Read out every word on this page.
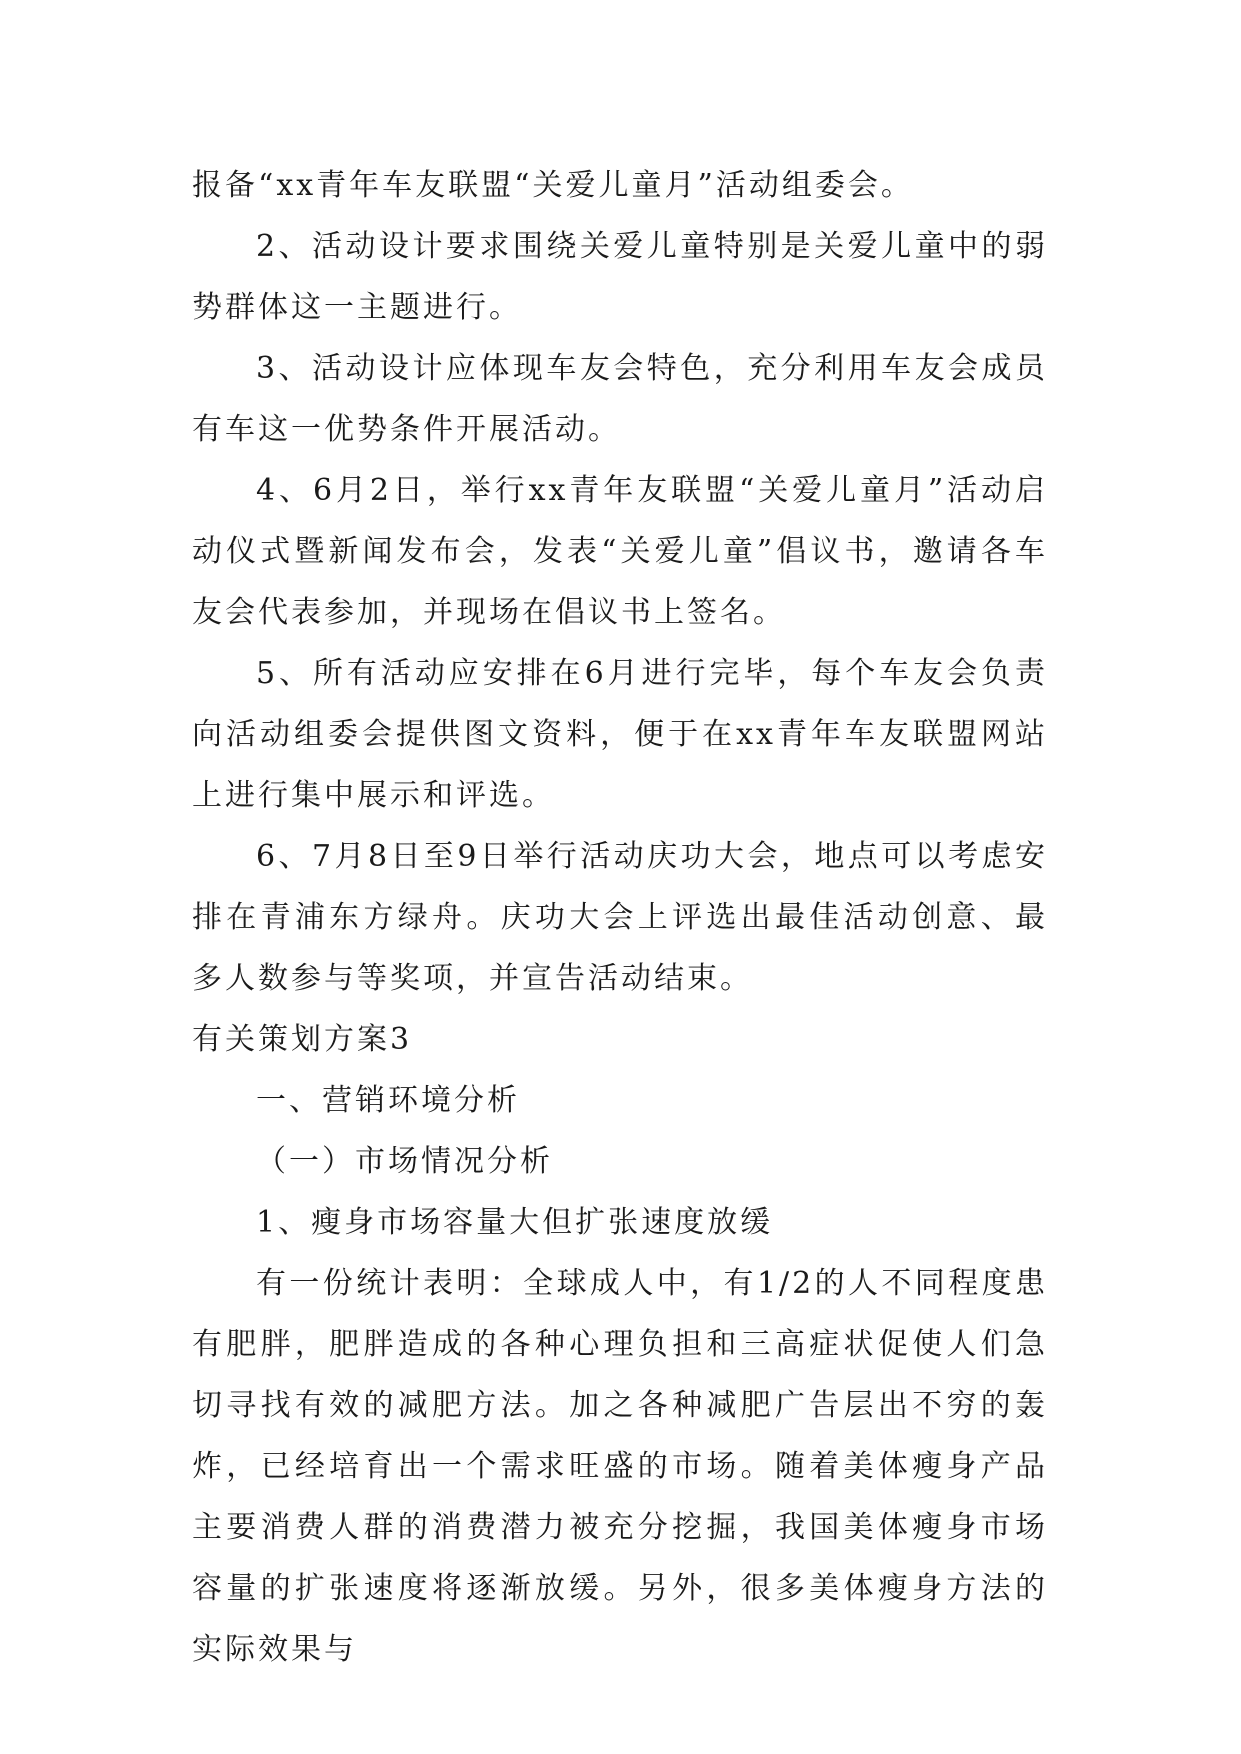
报备“xx青年车友联盟“关爱儿童月”活动组委会。

2、活动设计要求围绕关爱儿童特别是关爱儿童中的弱势群体这一主题进行。

3、活动设计应体现车友会特色，充分利用车友会成员有车这一优势条件开展活动。

4、6月2日，举行xx青年友联盟“关爱儿童月”活动启动仪式暨新闻发布会，发表“关爱儿童”倡议书，邀请各车友会代表参加，并现场在倡议书上签名。

5、所有活动应安排在6月进行完毕，每个车友会负责向活动组委会提供图文资料，便于在xx青年车友联盟网站上进行集中展示和评选。

6、7月8日至9日举行活动庆功大会，地点可以考虑安排在青浦东方绿舟。庆功大会上评选出最佳活动创意、最多人数参与等奖项，并宣告活动结束。

有关策划方案3

一、营销环境分析

（一）市场情况分析

1、瘦身市场容量大但扩张速度放缓

有一份统计表明：全球成人中，有1/2的人不同程度患有肥胖，肥胖造成的各种心理负担和三高症状促使人们急切寻找有效的减肥方法。加之各种减肥广告层出不穷的轰炸，已经培育出一个需求旺盛的市场。随着美体瘦身产品主要消费人群的消费潜力被充分挖掘，我国美体瘦身市场容量的扩张速度将逐渐放缓。另外，很多美体瘦身方法的实际效果与
